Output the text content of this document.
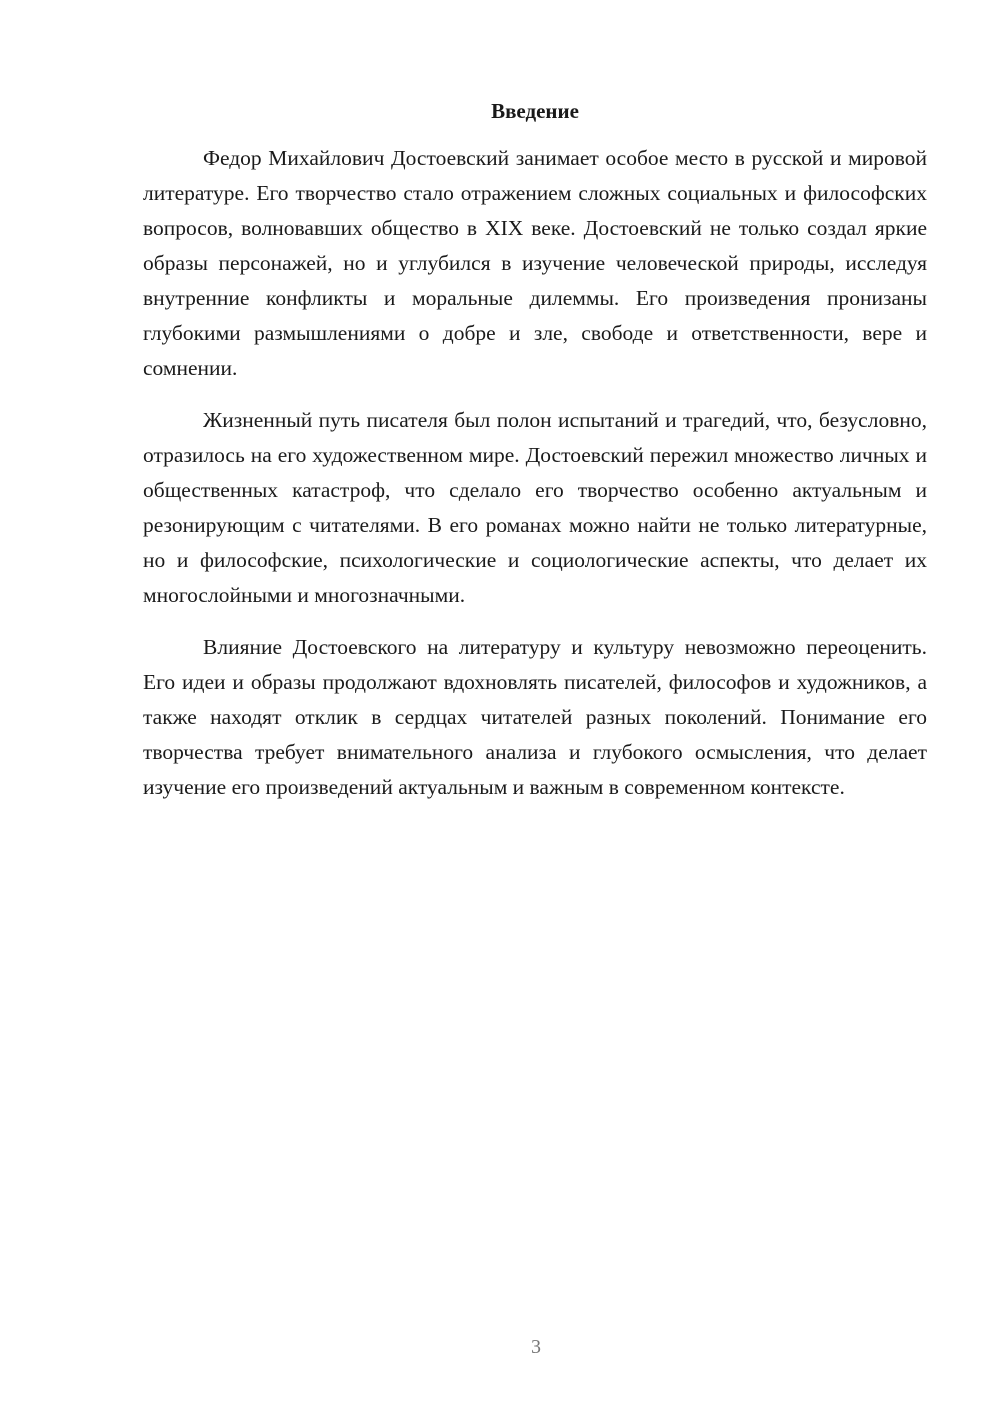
Введение

Федор Михайлович Достоевский занимает особое место в русской и мировой литературе. Его творчество стало отражением сложных социальных и философских вопросов, волновавших общество в XIX веке. Достоевский не только создал яркие образы персонажей, но и углубился в изучение человеческой природы, исследуя внутренние конфликты и моральные дилеммы. Его произведения пронизаны глубокими размышлениями о добре и зле, свободе и ответственности, вере и сомнении.

Жизненный путь писателя был полон испытаний и трагедий, что, безусловно, отразилось на его художественном мире. Достоевский пережил множество личных и общественных катастроф, что сделало его творчество особенно актуальным и резонирующим с читателями. В его романах можно найти не только литературные, но и философские, психологические и социологические аспекты, что делает их многослойными и многозначными.

Влияние Достоевского на литературу и культуру невозможно переоценить. Его идеи и образы продолжают вдохновлять писателей, философов и художников, а также находят отклик в сердцах читателей разных поколений. Понимание его творчества требует внимательного анализа и глубокого осмысления, что делает изучение его произведений актуальным и важным в современном контексте.

3
